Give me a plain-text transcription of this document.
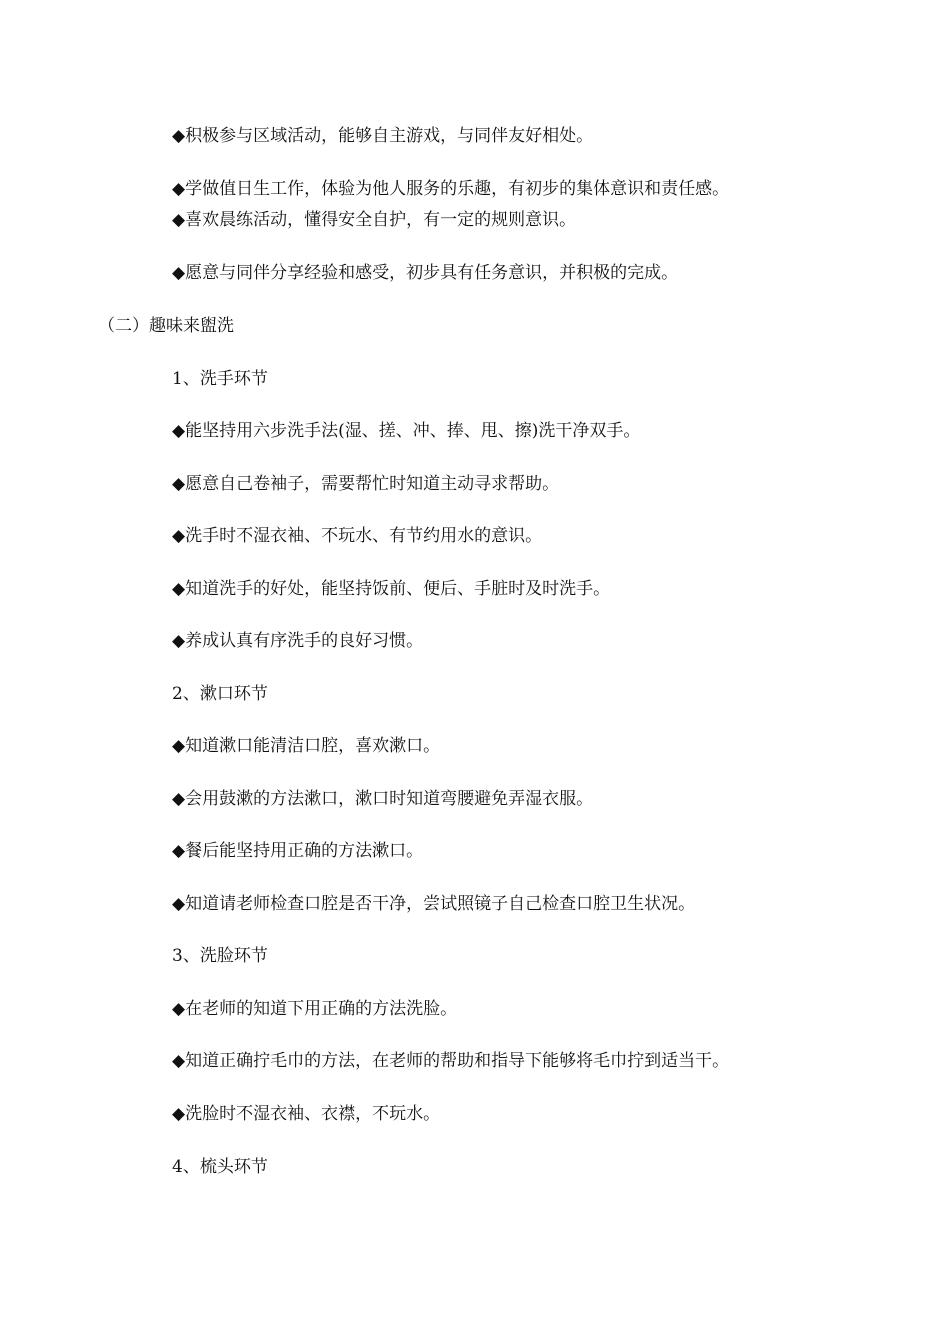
◆积极参与区域活动，能够自主游戏，与同伴友好相处。

◆学做值日生工作，体验为他人服务的乐趣，有初步的集体意识和责任感。

◆喜欢晨练活动，懂得安全自护，有一定的规则意识。

◆愿意与同伴分享经验和感受，初步具有任务意识，并积极的完成。

（二）趣味来盥洗

1、洗手环节

◆能坚持用六步洗手法(湿、搓、冲、捧、甩、擦)洗干净双手。

◆愿意自己卷袖子，需要帮忙时知道主动寻求帮助。

◆洗手时不湿衣袖、不玩水、有节约用水的意识。

◆知道洗手的好处，能坚持饭前、便后、手脏时及时洗手。

◆养成认真有序洗手的良好习惯。

2、漱口环节

◆知道漱口能清洁口腔，喜欢漱口。

◆会用鼓漱的方法漱口，漱口时知道弯腰避免弄湿衣服。

◆餐后能坚持用正确的方法漱口。

◆知道请老师检查口腔是否干净，尝试照镜子自己检查口腔卫生状况。

3、洗脸环节

◆在老师的知道下用正确的方法洗脸。

◆知道正确拧毛巾的方法，在老师的帮助和指导下能够将毛巾拧到适当干。

◆洗脸时不湿衣袖、衣襟，不玩水。

4、梳头环节
